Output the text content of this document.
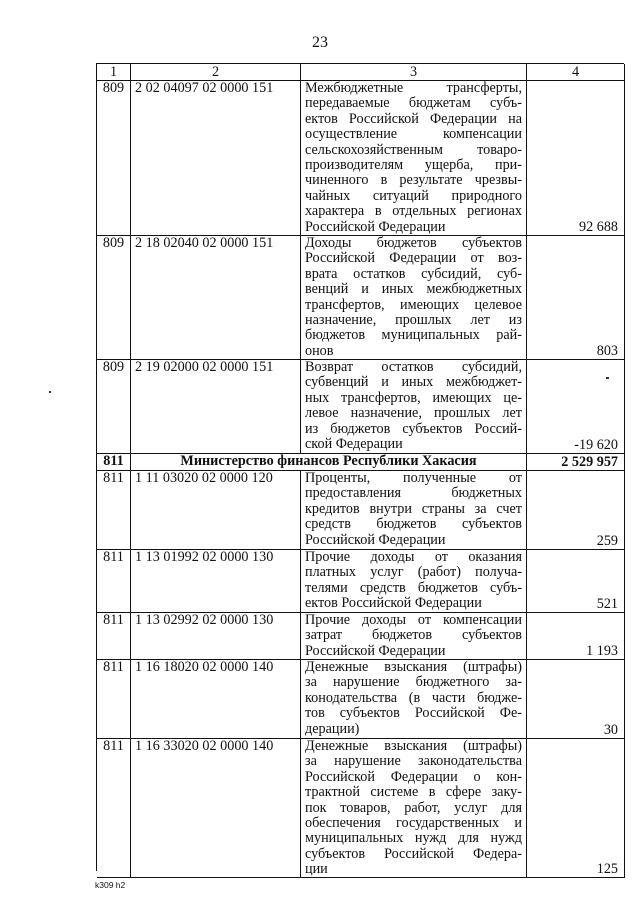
23
1	2	3	4
809 2 02 04097 02 0000 151	Межбюджетные трансферты,
передаваемые бюджетам субъ-
ектов Российской Федерации на
осуществление компенсации
сельскохозяйственным товаро-
производителям ущерба, при-
чиненного в результате чрезвы-
чайных ситуаций природного
характера в отдельных регионах
Российской Федерации	92 688
809 2 18 02040 02 0000 151	Доходы бюджетов субъектов
Российской Федерации от воз-
врата остатков субсидий, суб-
венций и иных межбюджетных
трансфертов, имеющих целевое
назначение, прошлых лет из
бюджетов муниципальных рай-
онов	803
809 2 19 02000 02 0000 151	Возврат остатков субсидий,
субвенций и иных межбюджет-
ных трансфертов, имеющих це-
левое назначение, прошлых лет
из бюджетов субъектов Россий-
ской Федерации	-19 620
811	Министерство финансов Республики Хакасия	2 529 957
811 1 11 03020 02 0000 120	Проценты, полученные от
предоставления бюджетных
кредитов внутри страны за счет
средств бюджетов субъектов
Российской Федерации	259
811 1 13 01992 02 0000 130	Прочие доходы от оказания
платных услуг (работ) получа-
телями средств бюджетов субъ-
ектов Российской Федерации	521
811 1 13 02992 02 0000 130	Прочие доходы от компенсации
затрат бюджетов субъектов
Российской Федерации	1 193
811 1 16 18020 02 0000 140	Денежные взыскания (штрафы)
за нарушение бюджетного за-
конодательства (в части бюдже-
тов субъектов Российской Фе-
дерации)	30
811 1 16 33020 02 0000 140	Денежные взыскания (штрафы)
за нарушение законодательства
Российской Федерации о кон-
трактной системе в сфере заку-
пок товаров, работ, услуг для
обеспечения государственных и
муниципальных нужд для нужд
субъектов Российской Федера-
ции	125
k309 h2
